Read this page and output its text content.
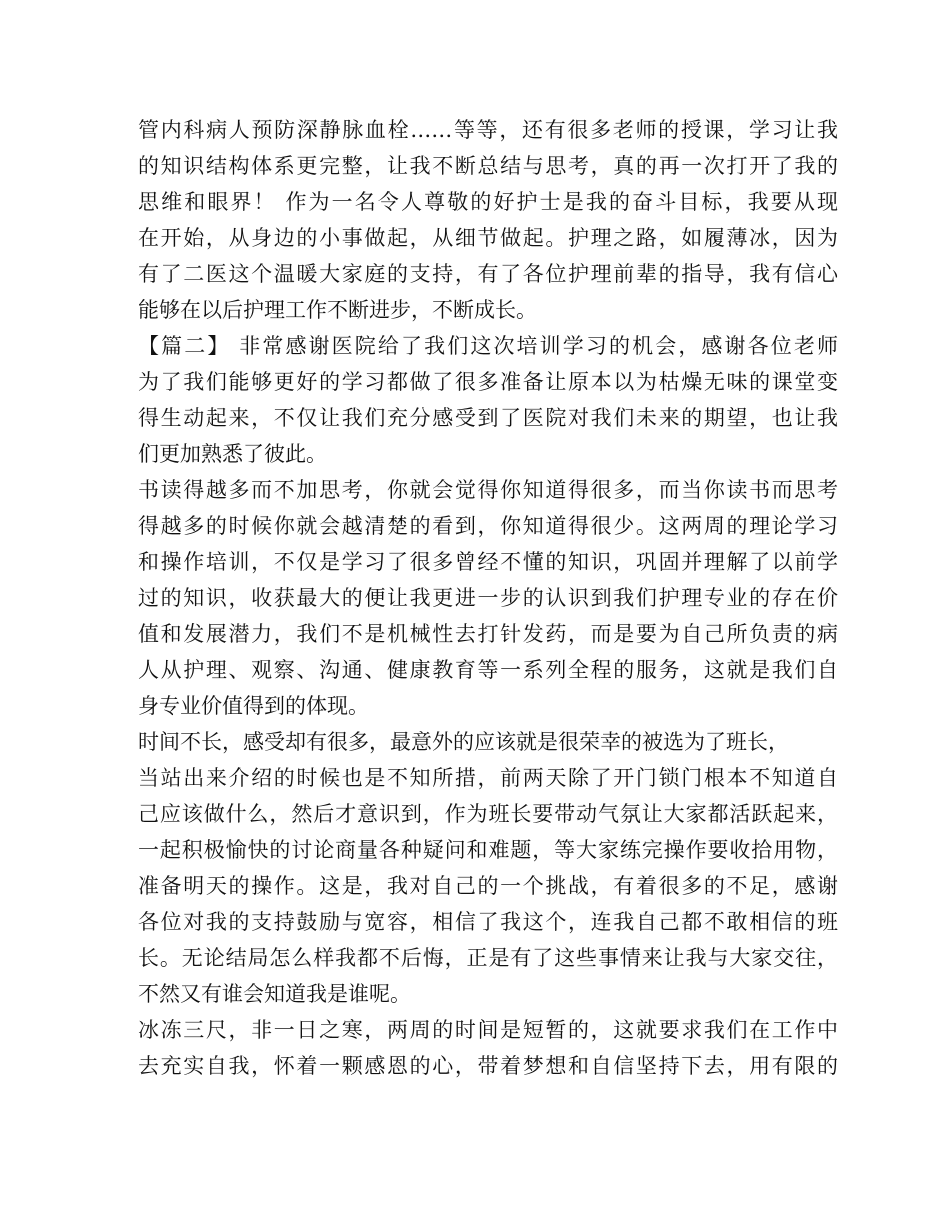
管内科病人预防深静脉血栓……等等，还有很多老师的授课，学习让我
的知识结构体系更完整，让我不断总结与思考，真的再一次打开了我的
思维和眼界！ 作为一名令人尊敬的好护士是我的奋斗目标，我要从现
在开始，从身边的小事做起，从细节做起。护理之路，如履薄冰，因为
有了二医这个温暖大家庭的支持，有了各位护理前辈的指导，我有信心
能够在以后护理工作不断进步，不断成长。
【篇二】 非常感谢医院给了我们这次培训学习的机会，感谢各位老师
为了我们能够更好的学习都做了很多准备让原本以为枯燥无味的课堂变
得生动起来，不仅让我们充分感受到了医院对我们未来的期望，也让我
们更加熟悉了彼此。
书读得越多而不加思考，你就会觉得你知道得很多，而当你读书而思考
得越多的时候你就会越清楚的看到，你知道得很少。这两周的理论学习
和操作培训，不仅是学习了很多曾经不懂的知识，巩固并理解了以前学
过的知识，收获最大的便让我更进一步的认识到我们护理专业的存在价
值和发展潜力，我们不是机械性去打针发药，而是要为自己所负责的病
人从护理、观察、沟通、健康教育等一系列全程的服务，这就是我们自
身专业价值得到的体现。
时间不长，感受却有很多，最意外的应该就是很荣幸的被选为了班长，
当站出来介绍的时候也是不知所措，前两天除了开门锁门根本不知道自
己应该做什么，然后才意识到，作为班长要带动气氛让大家都活跃起来，
一起积极愉快的讨论商量各种疑问和难题，等大家练完操作要收拾用物，
准备明天的操作。这是，我对自己的一个挑战，有着很多的不足，感谢
各位对我的支持鼓励与宽容，相信了我这个，连我自己都不敢相信的班
长。无论结局怎么样我都不后悔，正是有了这些事情来让我与大家交往，
不然又有谁会知道我是谁呢。
冰冻三尺，非一日之寒，两周的时间是短暂的，这就要求我们在工作中
去充实自我，怀着一颗感恩的心，带着梦想和自信坚持下去，用有限的
